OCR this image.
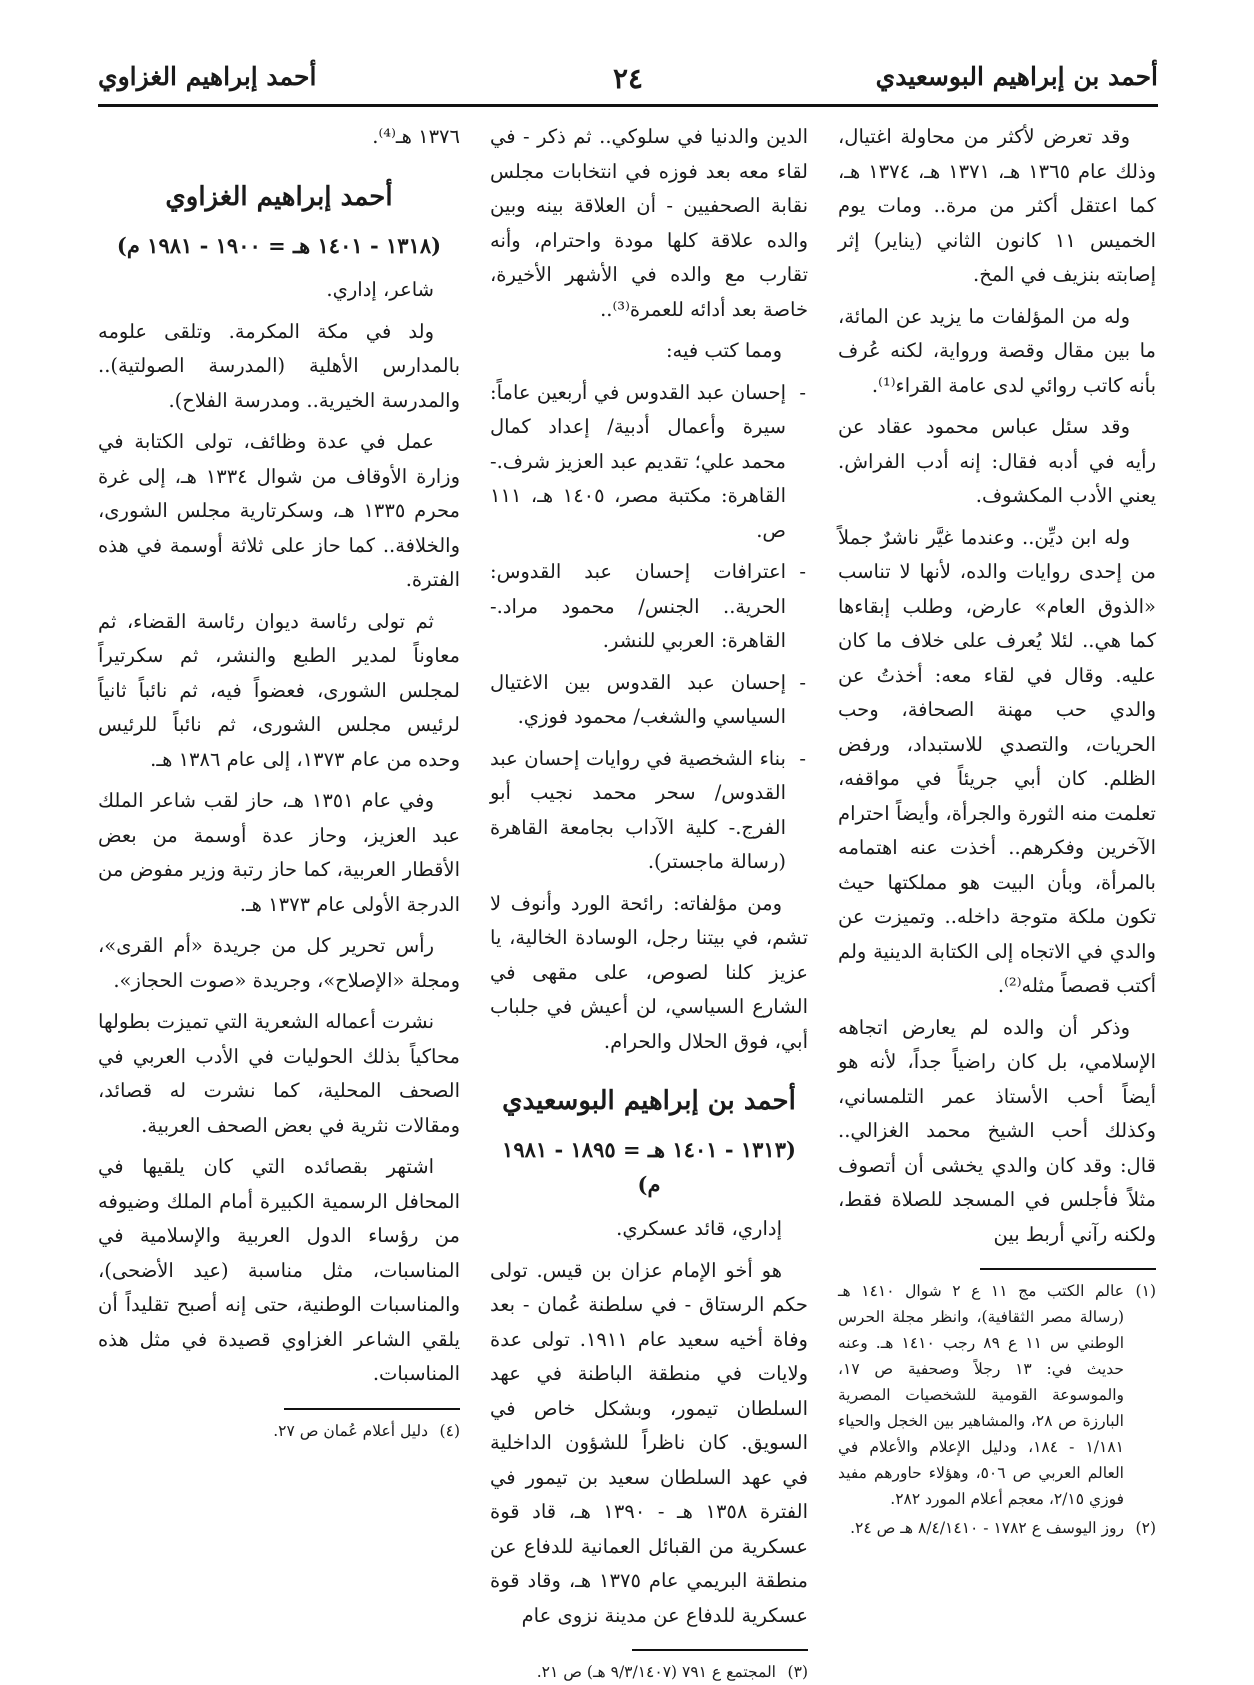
أحمد بن إبراهيم البوسعيدي
٢٤
أحمد إبراهيم الغزاوي

وقد تعرض لأكثر من محاولة اغتيال، وذلك عام ١٣٦٥ هـ، ١٣٧١ هـ، ١٣٧٤ هـ، كما اعتقل أكثر من مرة.. ومات يوم الخميس ١١ كانون الثاني (يناير) إثر إصابته بنزيف في المخ.

وله من المؤلفات ما يزيد عن المائة، ما بين مقال وقصة ورواية، لكنه عُرف بأنه كاتب روائي لدى عامة القراء⁽¹⁾.

وقد سئل عباس محمود عقاد عن رأيه في أدبه فقال: إنه أدب الفراش. يعني الأدب المكشوف.

وله ابن ديِّن.. وعندما غيَّر ناشرٌ جملاً من إحدى روايات والده، لأنها لا تناسب «الذوق العام» عارض، وطلب إبقاءها كما هي.. لئلا يُعرف على خلاف ما كان عليه. وقال في لقاء معه: أخذتُ عن والدي حب مهنة الصحافة، وحب الحريات، والتصدي للاستبداد، ورفض الظلم. كان أبي جريئاً في مواقفه، تعلمت منه الثورة والجرأة، وأيضاً احترام الآخرين وفكرهم.. أخذت عنه اهتمامه بالمرأة، وبأن البيت هو مملكتها حيث تكون ملكة متوجة داخله.. وتميزت عن والدي في الاتجاه إلى الكتابة الدينية ولم أكتب قصصاً مثله⁽²⁾.

وذكر أن والده لم يعارض اتجاهه الإسلامي، بل كان راضياً جداً، لأنه هو أيضاً أحب الأستاذ عمر التلمساني، وكذلك أحب الشيخ محمد الغزالي.. قال: وقد كان والدي يخشى أن أتصوف مثلاً فأجلس في المسجد للصلاة فقط، ولكنه رآني أربط بين

(١)
عالم الكتب مج ١١ ع ٢ شوال ١٤١٠ هـ (رسالة مصر الثقافية)، وانظر مجلة الحرس الوطني س ١١ ع ٨٩ رجب ١٤١٠ هـ. وعنه حديث في: ١٣ رجلاً وصحفية ص ١٧، والموسوعة القومية للشخصيات المصرية البارزة ص ٢٨، والمشاهير بين الخجل والحياء ١/١٨١ - ١٨٤، ودليل الإعلام والأعلام في العالم العربي ص ٥٠٦، وهؤلاء حاورهم مفيد فوزي ٢/١٥، معجم أعلام المورد ٢٨٢.

(٢)
روز اليوسف ع ١٧٨٢ - ٨/٤/١٤١٠ هـ ص ٢٤.

الدين والدنيا في سلوكي.. ثم ذكر - في لقاء معه بعد فوزه في انتخابات مجلس نقابة الصحفيين - أن العلاقة بينه وبين والده علاقة كلها مودة واحترام، وأنه تقارب مع والده في الأشهر الأخيرة، خاصة بعد أدائه للعمرة⁽³⁾..

ومما كتب فيه:

- إحسان عبد القدوس في أربعين عاماً: سيرة وأعمال أدبية/ إعداد كمال محمد علي؛ تقديم عبد العزيز شرف.- القاهرة: مكتبة مصر، ١٤٠٥ هـ، ١١١ ص.

- اعترافات إحسان عبد القدوس: الحرية.. الجنس/ محمود مراد.- القاهرة: العربي للنشر.

- إحسان عبد القدوس بين الاغتيال السياسي والشغب/ محمود فوزي.

- بناء الشخصية في روايات إحسان عبد القدوس/ سحر محمد نجيب أبو الفرج.- كلية الآداب بجامعة القاهرة (رسالة ماجستر).

ومن مؤلفاته: رائحة الورد وأنوف لا تشم، في بيتنا رجل، الوسادة الخالية، يا عزيز كلنا لصوص، على مقهى في الشارع السياسي، لن أعيش في جلباب أبي، فوق الحلال والحرام.

أحمد بن إبراهيم البوسعيدي

(١٣١٣ - ١٤٠١ هـ = ١٨٩٥ - ١٩٨١ م)

إداري، قائد عسكري.

هو أخو الإمام عزان بن قيس. تولى حكم الرستاق - في سلطنة عُمان - بعد وفاة أخيه سعيد عام ١٩١١. تولى عدة ولايات في منطقة الباطنة في عهد السلطان تيمور، وبشكل خاص في السويق. كان ناظراً للشؤون الداخلية في عهد السلطان سعيد بن تيمور في الفترة ١٣٥٨ هـ - ١٣٩٠ هـ، قاد قوة عسكرية من القبائل العمانية للدفاع عن منطقة البريمي عام ١٣٧٥ هـ، وقاد قوة عسكرية للدفاع عن مدينة نزوى عام

(٣)
المجتمع ع ٧٩١ (٩/٣/١٤٠٧ هـ) ص ٢١.

١٣٧٦ هـ⁽⁴⁾.

أحمد إبراهيم الغزاوي

(١٣١٨ - ١٤٠١ هـ = ١٩٠٠ - ١٩٨١ م)

شاعر، إداري.

ولد في مكة المكرمة. وتلقى علومه بالمدارس الأهلية (المدرسة الصولتية).. والمدرسة الخيرية.. ومدرسة الفلاح).

عمل في عدة وظائف، تولى الكتابة في وزارة الأوقاف من شوال ١٣٣٤ هـ، إلى غرة محرم ١٣٣٥ هـ، وسكرتارية مجلس الشورى، والخلافة.. كما حاز على ثلاثة أوسمة في هذه الفترة.

ثم تولى رئاسة ديوان رئاسة القضاء، ثم معاوناً لمدير الطبع والنشر، ثم سكرتيراً لمجلس الشورى، فعضواً فيه، ثم نائباً ثانياً لرئيس مجلس الشورى، ثم نائباً للرئيس وحده من عام ١٣٧٣، إلى عام ١٣٨٦ هـ.

وفي عام ١٣٥١ هـ، حاز لقب شاعر الملك عبد العزيز، وحاز عدة أوسمة من بعض الأقطار العربية، كما حاز رتبة وزير مفوض من الدرجة الأولى عام ١٣٧٣ هـ.

رأس تحرير كل من جريدة «أم القرى»، ومجلة «الإصلاح»، وجريدة «صوت الحجاز».

نشرت أعماله الشعرية التي تميزت بطولها محاكياً بذلك الحوليات في الأدب العربي في الصحف المحلية، كما نشرت له قصائد، ومقالات نثرية في بعض الصحف العربية.

اشتهر بقصائده التي كان يلقيها في المحافل الرسمية الكبيرة أمام الملك وضيوفه من رؤساء الدول العربية والإسلامية في المناسبات، مثل مناسبة (عيد الأضحى)، والمناسبات الوطنية، حتى إنه أصبح تقليداً أن يلقي الشاعر الغزاوي قصيدة في مثل هذه المناسبات.

(٤)
دليل أعلام عُمان ص ٢٧.
